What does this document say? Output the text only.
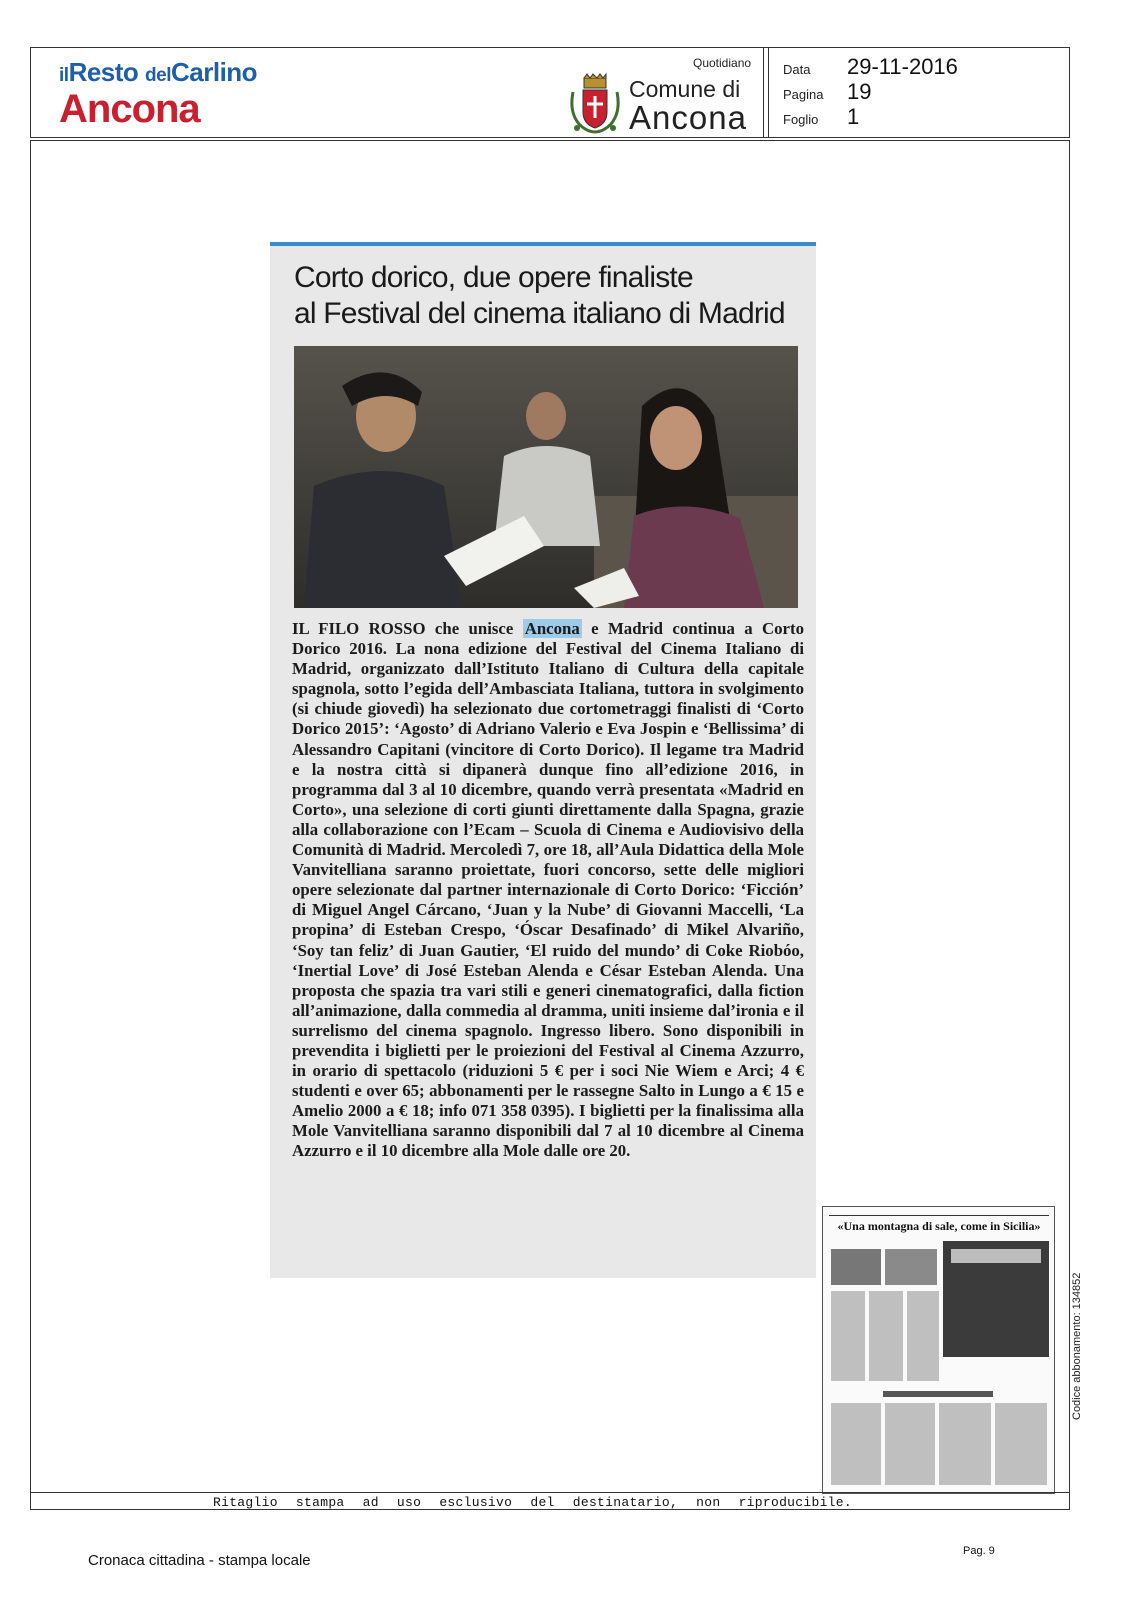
ilResto delCarlino
Ancona
Quotidiano
Comune di
Ancona
Data	29-11-2016
Pagina	19
Foglio	1
Corto dorico, due opere finaliste
al Festival del cinema italiano di Madrid
IL FILO ROSSO che unisce Ancona e Madrid continua a Corto Dorico 2016. La nona edizione del Festival del Cinema Italiano di Madrid, organizzato dall’Istituto Italiano di Cultura della capitale spagnola, sotto l’egida dell’Ambasciata Italiana, tuttora in svolgimento (si chiude giovedì) ha selezionato due cortometraggi finalisti di ‘Corto Dorico 2015’: ‘Agosto’ di Adriano Valerio e Eva Jospin e ‘Bellissima’ di Alessandro Capitani (vincitore di Corto Dorico). Il legame tra Madrid e la nostra città si dipanerà dunque fino all’edizione 2016, in programma dal 3 al 10 dicembre, quando verrà presentata «Madrid en Corto», una selezione di corti giunti direttamente dalla Spagna, grazie alla collaborazione con l’Ecam – Scuola di Cinema e Audiovisivo della Comunità di Madrid. Mercoledì 7, ore 18, all’Aula Didattica della Mole Vanvitelliana saranno proiettate, fuori concorso, sette delle migliori opere selezionate dal partner internazionale di Corto Dorico: ‘Ficción’ di Miguel Angel Cárcano, ‘Juan y la Nube’ di Giovanni Maccelli, ‘La propina’ di Esteban Crespo, ‘Óscar Desafinado’ di Mikel Alvariño, ‘Soy tan feliz’ di Juan Gautier, ‘El ruido del mundo’ di Coke Riobóo, ‘Inertial Love’ di José Esteban Alenda e César Esteban Alenda. Una proposta che spazia tra vari stili e generi cinematografici, dalla fiction all’animazione, dalla commedia al dramma, uniti insieme dal’ironia e il surrelismo del cinema spagnolo. Ingresso libero. Sono disponibili in prevendita i biglietti per le proiezioni del Festival al Cinema Azzurro, in orario di spettacolo (riduzioni 5 € per i soci Nie Wiem e Arci; 4 € studenti e over 65; abbonamenti per le rassegne Salto in Lungo a € 15 e Amelio 2000 a € 18; info 071 358 0395). I biglietti per la finalissima alla Mole Vanvitelliana saranno disponibili dal 7 al 10 dicembre al Cinema Azzurro e il 10 dicembre alla Mole dalle ore 20.
«Una montagna di sale, come in Sicilia»
Ritaglio stampa ad uso esclusivo del destinatario, non riproducibile.
Codice abbonamento: 134852
Cronaca cittadina - stampa locale
Pag. 9
